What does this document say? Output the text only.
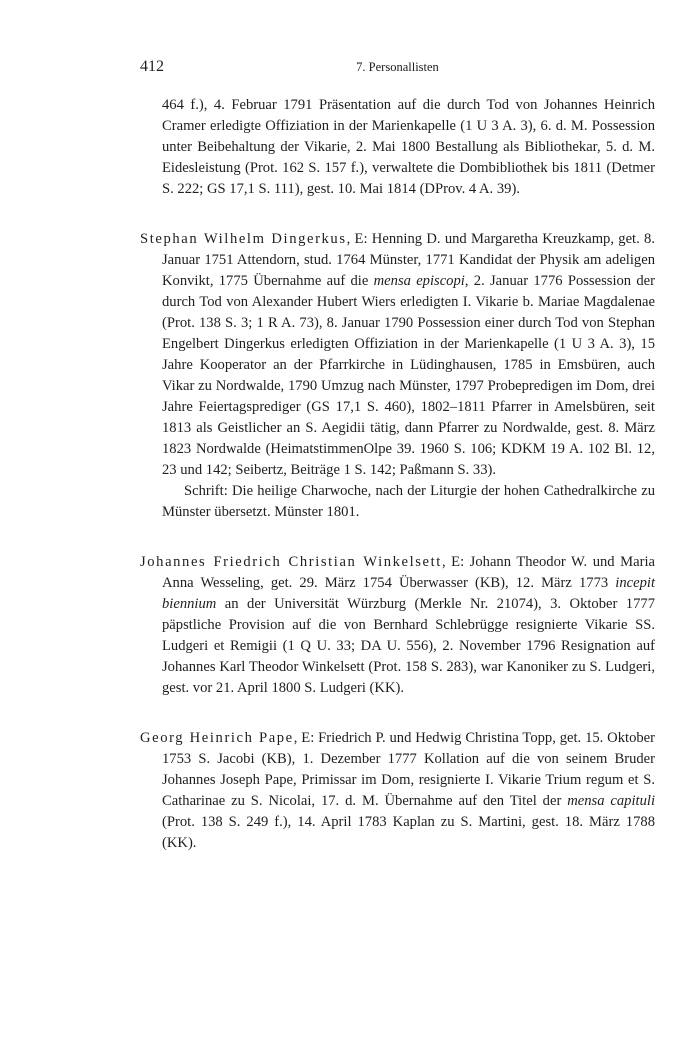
412	7. Personallisten

464 f.), 4. Februar 1791 Präsentation auf die durch Tod von Johannes Heinrich Cramer erledigte Offiziation in der Marienkapelle (1 U 3 A. 3), 6. d. M. Possession unter Beibehaltung der Vikarie, 2. Mai 1800 Bestallung als Bibliothekar, 5. d. M. Eidesleistung (Prot. 162 S. 157 f.), verwaltete die Dombibliothek bis 1811 (Detmer S. 222; GS 17,1 S. 111), gest. 10. Mai 1814 (DProv. 4 A. 39).

Stephan Wilhelm Dingerkus, E: Henning D. und Margaretha Kreuzkamp, get. 8. Januar 1751 Attendorn, stud. 1764 Münster, 1771 Kandidat der Physik am adeligen Konvikt, 1775 Übernahme auf die mensa episcopi, 2. Januar 1776 Possession der durch Tod von Alexander Hubert Wiers erledigten I. Vikarie b. Mariae Magdalenae (Prot. 138 S. 3; 1 R A. 73), 8. Januar 1790 Possession einer durch Tod von Stephan Engelbert Dingerkus erledigten Offiziation in der Marienkapelle (1 U 3 A. 3), 15 Jahre Kooperator an der Pfarrkirche in Lüdinghausen, 1785 in Emsbüren, auch Vikar zu Nordwalde, 1790 Umzug nach Münster, 1797 Probepredigen im Dom, drei Jahre Feiertagsprediger (GS 17,1 S. 460), 1802–1811 Pfarrer in Amelsbüren, seit 1813 als Geistlicher an S. Aegidii tätig, dann Pfarrer zu Nordwalde, gest. 8. März 1823 Nordwalde (HeimatstimmenOlpe 39. 1960 S. 106; KDKM 19 A. 102 Bl. 12, 23 und 142; Seibertz, Beiträge 1 S. 142; Paßmann S. 33).

Schrift: Die heilige Charwoche, nach der Liturgie der hohen Cathedralkirche zu Münster übersetzt. Münster 1801.

Johannes Friedrich Christian Winkelsett, E: Johann Theodor W. und Maria Anna Wesseling, get. 29. März 1754 Überwasser (KB), 12. März 1773 incepit biennium an der Universität Würzburg (Merkle Nr. 21074), 3. Oktober 1777 päpstliche Provision auf die von Bernhard Schlebrügge resignierte Vikarie SS. Ludgeri et Remigii (1 Q U. 33; DA U. 556), 2. November 1796 Resignation auf Johannes Karl Theodor Winkelsett (Prot. 158 S. 283), war Kanoniker zu S. Ludgeri, gest. vor 21. April 1800 S. Ludgeri (KK).

Georg Heinrich Pape, E: Friedrich P. und Hedwig Christina Topp, get. 15. Oktober 1753 S. Jacobi (KB), 1. Dezember 1777 Kollation auf die von seinem Bruder Johannes Joseph Pape, Primissar im Dom, resignierte I. Vikarie Trium regum et S. Catharinae zu S. Nicolai, 17. d. M. Übernahme auf den Titel der mensa capituli (Prot. 138 S. 249 f.), 14. April 1783 Kaplan zu S. Martini, gest. 18. März 1788 (KK).
